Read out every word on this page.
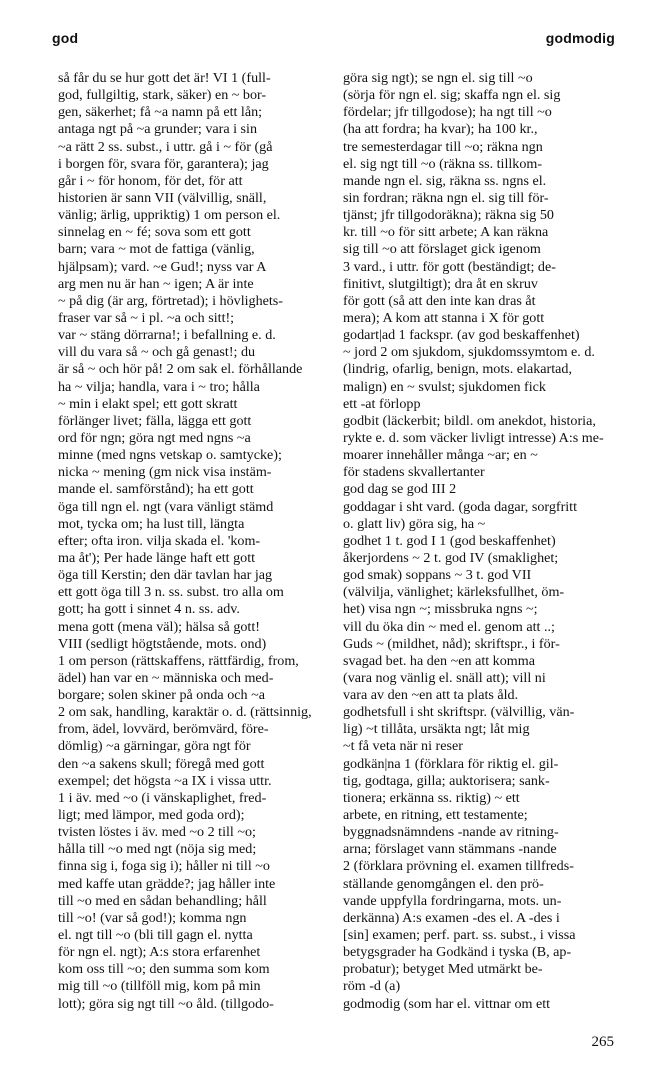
god	godmodig
så får du se hur gott det är! VI 1 (full-
god, fullgiltig, stark, säker) en ~ bor-
gen, säkerhet; få ~a namn på ett lån;
antaga ngt på ~a grunder; vara i sin
~a rätt 2 ss. subst., i uttr. gå i ~ för (gå
i borgen för, svara för, garantera); jag
går i ~ för honom, för det, för att
historien är sann VII (välvillig, snäll,
vänlig; ärlig, uppriktig) 1 om person el.
sinnelag en ~ fé; sova som ett gott
barn; vara ~ mot de fattiga (vänlig,
hjälpsam); vard. ~e Gud!; nyss var A
arg men nu är han ~ igen; A är inte
~ på dig (är arg, förtretad); i hövlighets-
fraser var så ~ i pl. ~a och sitt!;
var ~ stäng dörrarna!; i befallning e. d.
vill du vara så ~ och gå genast!; du
är så ~ och hör på! 2 om sak el. förhållande
ha ~ vilja; handla, vara i ~ tro; hålla
~ min i elakt spel; ett gott skratt
förlänger livet; fälla, lägga ett gott
ord för ngn; göra ngt med ngns ~a
minne (med ngns vetskap o. samtycke);
nicka ~ mening (gm nick visa instäm-
mande el. samförstånd); ha ett gott
öga till ngn el. ngt (vara vänligt stämd
mot, tycka om; ha lust till, längta
efter; ofta iron. vilja skada el. 'kom-
ma åt'); Per hade länge haft ett gott
öga till Kerstin; den där tavlan har jag
ett gott öga till 3 n. ss. subst. tro alla om
gott; ha gott i sinnet 4 n. ss. adv.
mena gott (mena väl); hälsa så gott!
VIII (sedligt högtstående, mots. ond)
1 om person (rättskaffens, rättfärdig, from,
ädel) han var en ~ människa och med-
borgare; solen skiner på onda och ~a
2 om sak, handling, karaktär o. d. (rättsinnig,
from, ädel, lovvärd, berömvärd, före-
dömlig) ~a gärningar, göra ngt för
den ~a sakens skull; föregå med gott
exempel; det högsta ~a IX i vissa uttr.
1 i äv. med ~o (i vänskaplighet, fred-
ligt; med lämpor, med goda ord);
tvisten löstes i äv. med ~o 2 till ~o;
hålla till ~o med ngt (nöja sig med;
finna sig i, foga sig i); håller ni till ~o
med kaffe utan grädde?; jag håller inte
till ~o med en sådan behandling; håll
till ~o! (var så god!); komma ngn
el. ngt till ~o (bli till gagn el. nytta
för ngn el. ngt); A:s stora erfarenhet
kom oss till ~o; den summa som kom
mig till ~o (tillföll mig, kom på min
lott); göra sig ngt till ~o åld. (tillgodo-
göra sig ngt); se ngn el. sig till ~o
(sörja för ngn el. sig; skaffa ngn el. sig
fördelar; jfr tillgodose); ha ngt till ~o
(ha att fordra; ha kvar); ha 100 kr.,
tre semesterdagar till ~o; räkna ngn
el. sig ngt till ~o (räkna ss. tillkom-
mande ngn el. sig, räkna ss. ngns el.
sin fordran; räkna ngn el. sig till för-
tjänst; jfr tillgodoräkna); räkna sig 50
kr. till ~o för sitt arbete; A kan räkna
sig till ~o att förslaget gick igenom
3 vard., i uttr. för gott (beständigt; de-
finitivt, slutgiltigt); dra åt en skruv
för gott (så att den inte kan dras åt
mera); A kom att stanna i X för gott
godart|ad 1 fackspr. (av god beskaffenhet)
~ jord 2 om sjukdom, sjukdomssymtom e. d.
(lindrig, ofarlig, benign, mots. elakartad,
malign) en ~ svulst; sjukdomen fick
ett -at förlopp
godbit (läckerbit; bildl. om anekdot, historia,
rykte e. d. som väcker livligt intresse) A:s me-
moarer innehåller många ~ar; en ~
för stadens skvallertanter
god dag se god III 2
goddagar i sht vard. (goda dagar, sorgfritt
o. glatt liv) göra sig, ha ~
godhet 1 t. god I 1 (god beskaffenhet)
åkerjordens ~ 2 t. god IV (smaklighet;
god smak) soppans ~ 3 t. god VII
(välvilja, vänlighet; kärleksfullhet, öm-
het) visa ngn ~; missbruka ngns ~;
vill du öka din ~ med el. genom att ..;
Guds ~ (mildhet, nåd); skriftspr., i för-
svagad bet. ha den ~en att komma
(vara nog vänlig el. snäll att); vill ni
vara av den ~en att ta plats åld.
godhetsfull i sht skriftspr. (välvillig, vän-
lig) ~t tillåta, ursäkta ngt; låt mig
~t få veta när ni reser
godkän|na 1 (förklara för riktig el. gil-
tig, godtaga, gilla; auktorisera; sank-
tionera; erkänna ss. riktig) ~ ett
arbete, en ritning, ett testamente;
byggnadsnämndens -nande av ritning-
arna; förslaget vann stämmans -nande
2 (förklara prövning el. examen tillfreds-
ställande genomgången el. den prö-
vande uppfylla fordringarna, mots. un-
derkänna) A:s examen -des el. A -des i
[sin] examen; perf. part. ss. subst., i vissa
betygsgrader ha Godkänd i tyska (B, ap-
probatur); betyget Med utmärkt be-
röm -d (a)
godmodig (som har el. vittnar om ett
265
